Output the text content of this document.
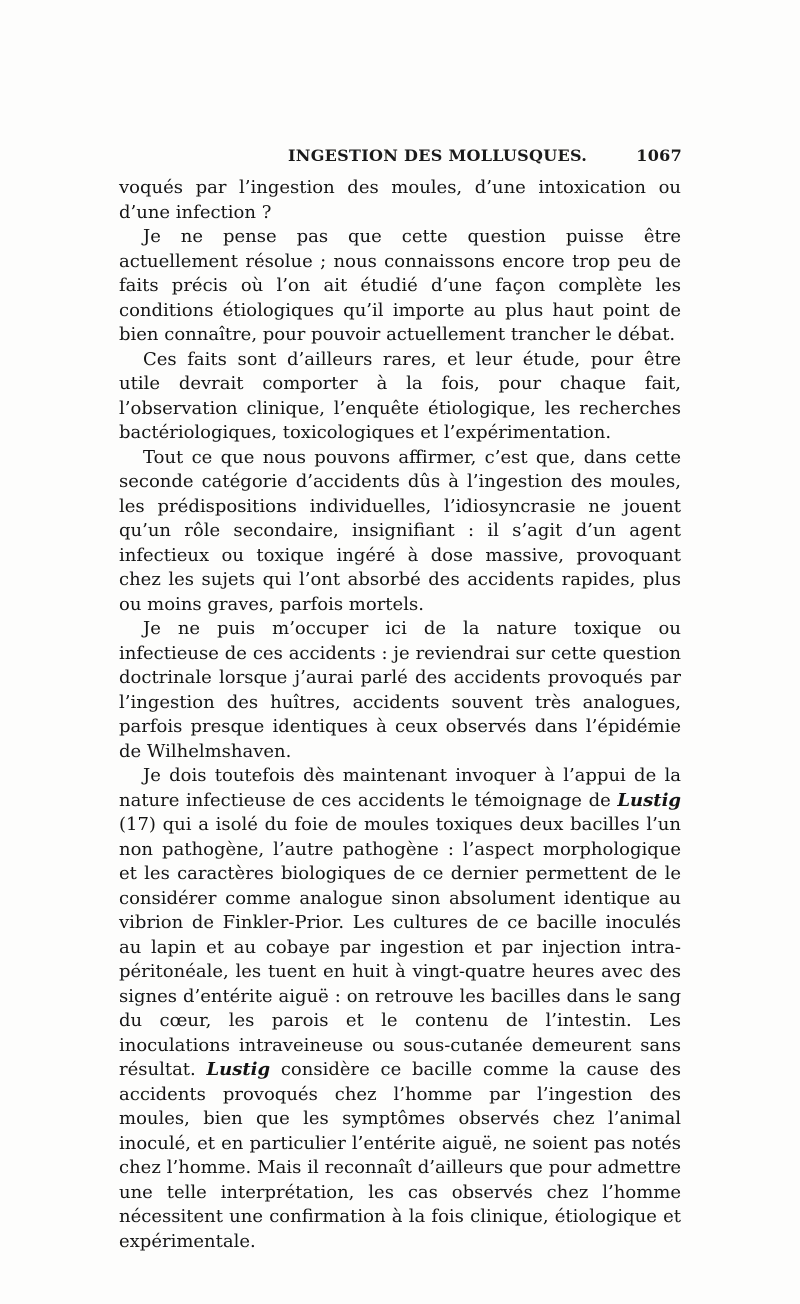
INGESTION DES MOLLUSQUES.	1067

voqués par l’ingestion des moules, d’une intoxication ou d’une infection ?

Je ne pense pas que cette question puisse être actuellement résolue ; nous connaissons encore trop peu de faits précis où l’on ait étudié d’une façon complète les conditions étiologiques qu’il importe au plus haut point de bien connaître, pour pouvoir actuellement trancher le débat.

Ces faits sont d’ailleurs rares, et leur étude, pour être utile devrait comporter à la fois, pour chaque fait, l’observation clinique, l’enquête étiologique, les recherches bactériologiques, toxicologiques et l’expérimentation.

Tout ce que nous pouvons affirmer, c’est que, dans cette seconde catégorie d’accidents dûs à l’ingestion des moules, les prédispositions individuelles, l’idiosyncrasie ne jouent qu’un rôle secondaire, insignifiant : il s’agit d’un agent infectieux ou toxique ingéré à dose massive, provoquant chez les sujets qui l’ont absorbé des accidents rapides, plus ou moins graves, parfois mortels.

Je ne puis m’occuper ici de la nature toxique ou infectieuse de ces accidents : je reviendrai sur cette question doctrinale lorsque j’aurai parlé des accidents provoqués par l’ingestion des huîtres, accidents souvent très analogues, parfois presque identiques à ceux observés dans l’épidémie de Wilhelmshaven.

Je dois toutefois dès maintenant invoquer à l’appui de la nature infectieuse de ces accidents le témoignage de Lustig (17) qui a isolé du foie de moules toxiques deux bacilles l’un non pathogène, l’autre pathogène : l’aspect morphologique et les caractères biologiques de ce dernier permettent de le considérer comme analogue sinon absolument identique au vibrion de Finkler-Prior. Les cultures de ce bacille inoculés au lapin et au cobaye par ingestion et par injection intra-péritonéale, les tuent en huit à vingt-quatre heures avec des signes d’entérite aiguë : on retrouve les bacilles dans le sang du cœur, les parois et le contenu de l’intestin. Les inoculations intraveineuse ou sous-cutanée demeurent sans résultat. Lustig considère ce bacille comme la cause des accidents provoqués chez l’homme par l’ingestion des moules, bien que les symptômes observés chez l’animal inoculé, et en particulier l’entérite aiguë, ne soient pas notés chez l’homme. Mais il reconnaît d’ailleurs que pour admettre une telle interprétation, les cas observés chez l’homme nécessitent une confirmation à la fois clinique, étiologique et expérimentale.
